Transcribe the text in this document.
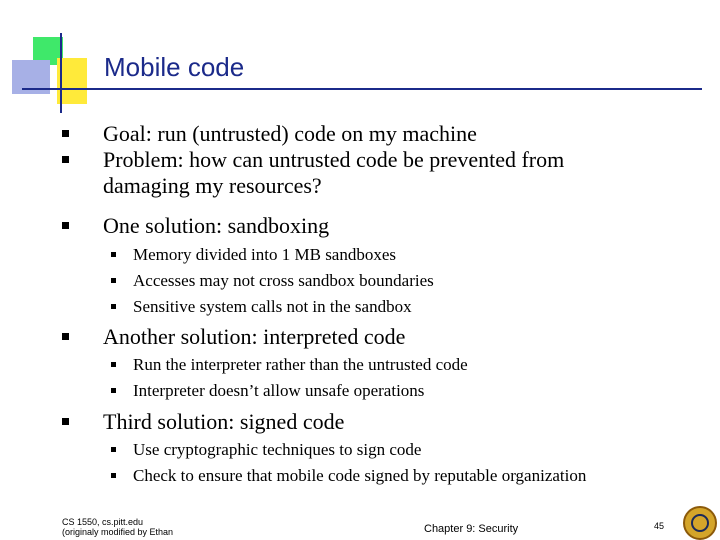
Mobile code
Goal: run (untrusted) code on my machine
Problem: how can untrusted code be prevented from
damaging my resources?
One solution: sandboxing
Memory divided into 1 MB sandboxes
Accesses may not cross sandbox boundaries
Sensitive system calls not in the sandbox
Another solution: interpreted code
Run the interpreter rather than the untrusted code
Interpreter doesn’t allow unsafe operations
Third solution: signed code
Use cryptographic techniques to sign code
Check to ensure that mobile code signed by reputable organization
CS 1550, cs.pitt.edu
(originaly modified by Ethan	Chapter 9: Security	45
